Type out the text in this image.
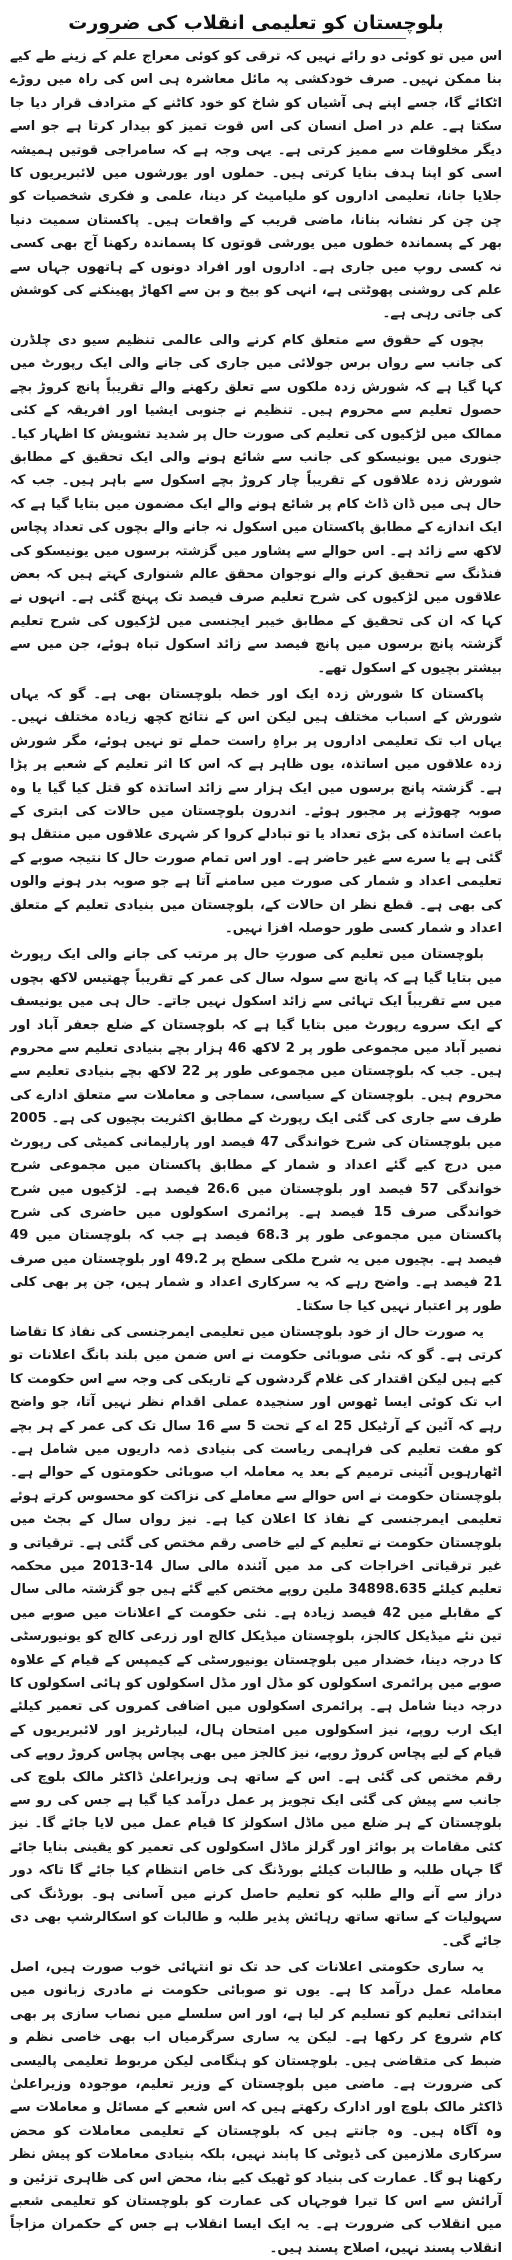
بلوچستان کو تعلیمی انقلاب کی ضرورت

اس میں تو کوئی دو رائے نہیں کہ ترقی کو کوئی معراج علم کے زینے طے کیے بنا ممکن نہیں۔ صرف خودکشی پہ مائل معاشرہ ہی اس کی راہ میں روڑے اٹکائے گا، جسے اپنے ہی آشیاں کو شاخ کو خود کاٹنے کے مترادف قرار دیا جا سکتا ہے۔ علم در اصل انسان کی اس قوت تمیز کو بیدار کرتا ہے جو اسے دیگر مخلوقات سے ممیز کرتی ہے۔ یہی وجہ ہے کہ سامراجی قوتیں ہمیشہ اسی کو اپنا ہدف بنایا کرتی ہیں۔ حملوں اور یورشوں میں لائبریریوں کا جلایا جانا، تعلیمی اداروں کو ملیامیٹ کر دینا، علمی و فکری شخصیات کو چن چن کر نشانہ بنانا، ماضی قریب کے واقعات ہیں۔ پاکستان سمیت دنیا بھر کے پسماندہ خطوں میں یورشی قوتوں کا پسماندہ رکھنا آج بھی کسی نہ کسی روپ میں جاری ہے۔ اداروں اور افراد دونوں کے ہاتھوں جہاں سے علم کی روشنی پھوٹتی ہے، انہی کو بیخ و بن سے اکھاڑ پھینکنے کی کوشش کی جاتی رہی ہے۔

بچوں کے حقوق سے متعلق کام کرنے والی عالمی تنظیم سیو دی چلڈرن کی جانب سے رواں برس جولائی میں جاری کی جانے والی ایک رپورٹ میں کہا گیا ہے کہ شورش زدہ ملکوں سے تعلق رکھنے والے تقریباً پانچ کروڑ بچے حصول تعلیم سے محروم ہیں۔ تنظیم نے جنوبی ایشیا اور افریقہ کے کئی ممالک میں لڑکیوں کی تعلیم کی صورت حال پر شدید تشویش کا اظہار کیا۔ جنوری میں یونیسکو کی جانب سے شائع ہونے والی ایک تحقیق کے مطابق شورش زدہ علاقوں کے تقریباً چار کروڑ بچے اسکول سے باہر ہیں۔ جب کہ حال ہی میں ڈان ڈاٹ کام پر شائع ہونے والے ایک مضمون میں بتایا گیا ہے کہ ایک اندازے کے مطابق پاکستان میں اسکول نہ جانے والے بچوں کی تعداد پچاس لاکھ سے زائد ہے۔ اس حوالے سے پشاور میں گزشتہ برسوں میں یونیسکو کی فنڈنگ سے تحقیق کرنے والے نوجوان محقق عالم شنواری کہتے ہیں کہ بعض علاقوں میں لڑکیوں کی شرح تعلیم صرف فیصد تک پہنچ گئی ہے۔ انہوں نے کہا کہ ان کی تحقیق کے مطابق خیبر ایجنسی میں لڑکیوں کی شرح تعلیم گزشتہ پانچ برسوں میں پانچ فیصد سے زائد اسکول تباہ ہوئے، جن میں سے بیشتر بچیوں کے اسکول تھے۔

پاکستان کا شورش زدہ ایک اور خطہ بلوچستان بھی ہے۔ گو کہ یہاں شورش کے اسباب مختلف ہیں لیکن اس کے نتائج کچھ زیادہ مختلف نہیں۔ یہاں اب تک تعلیمی اداروں پر براہِ راست حملے تو نہیں ہوئے، مگر شورش زدہ علاقوں میں اساتذہ، یوں ظاہر ہے کہ اس کا اثر تعلیم کے شعبے پر پڑا ہے۔ گزشتہ پانچ برسوں میں ایک ہزار سے زائد اساتذہ کو قتل کیا گیا یا وہ صوبہ چھوڑنے پر مجبور ہوئے۔ اندرون بلوچستان میں حالات کی ابتری کے باعث اساتذہ کی بڑی تعداد یا تو تبادلے کروا کر شہری علاقوں میں منتقل ہو گئی ہے یا سرے سے غیر حاضر ہے۔ اور اس تمام صورت حال کا نتیجہ صوبے کے تعلیمی اعداد و شمار کی صورت میں سامنے آتا ہے جو صوبہ بدر ہونے والوں کی بھی ہے۔ قطع نظر ان حالات کے، بلوچستان میں بنیادی تعلیم کے متعلق اعداد و شمار کسی طور حوصلہ افزا نہیں۔

بلوچستان میں تعلیم کی صورتِ حال پر مرتب کی جانے والی ایک رپورٹ میں بتایا گیا ہے کہ پانچ سے سولہ سال کی عمر کے تقریباً چھتیس لاکھ بچوں میں سے تقریباً ایک تہائی سے زائد اسکول نہیں جاتے۔ حال ہی میں یونیسف کے ایک سروے رپورٹ میں بتایا گیا ہے کہ بلوچستان کے ضلع جعفر آباد اور نصیر آباد میں مجموعی طور پر 2 لاکھ 46 ہزار بچے بنیادی تعلیم سے محروم ہیں۔ جب کہ بلوچستان میں مجموعی طور پر 22 لاکھ بچے بنیادی تعلیم سے محروم ہیں۔ بلوچستان کے سیاسی، سماجی و معاملات سے متعلق ادارے کی طرف سے جاری کی گئی ایک رپورٹ کے مطابق اکثریت بچیوں کی ہے۔ 2005 میں بلوچستان کی شرح خواندگی 47 فیصد اور پارلیمانی کمیٹی کی رپورٹ میں درج کیے گئے اعداد و شمار کے مطابق پاکستان میں مجموعی شرح خواندگی 57 فیصد اور بلوچستان میں 26.6 فیصد ہے۔ لڑکیوں میں شرح خواندگی صرف 15 فیصد ہے۔ پرائمری اسکولوں میں حاضری کی شرح پاکستان میں مجموعی طور پر 68.3 فیصد ہے جب کہ بلوچستان میں 49 فیصد ہے۔ بچیوں میں یہ شرح ملکی سطح پر 49.2 اور بلوچستان میں صرف 21 فیصد ہے۔ واضح رہے کہ یہ سرکاری اعداد و شمار ہیں، جن پر بھی کلی طور پر اعتبار نہیں کیا جا سکتا۔

یہ صورت حال از خود بلوچستان میں تعلیمی ایمرجنسی کی نفاذ کا تقاضا کرتی ہے۔ گو کہ نئی صوبائی حکومت نے اس ضمن میں بلند بانگ اعلانات تو کیے ہیں لیکن اقتدار کی غلام گردشوں کے تاریکی کی وجہ سے اس حکومت کا اب تک کوئی ایسا ٹھوس اور سنجیدہ عملی اقدام نظر نہیں آتا، جو واضح رہے کہ آئین کے آرٹیکل 25 اے کے تحت 5 سے 16 سال تک کی عمر کے ہر بچے کو مفت تعلیم کی فراہمی ریاست کی بنیادی ذمہ داریوں میں شامل ہے۔ اٹھارہویں آئینی ترمیم کے بعد یہ معاملہ اب صوبائی حکومتوں کے حوالے ہے۔ بلوچستان حکومت نے اس حوالے سے معاملے کی نزاکت کو محسوس کرتے ہوئے تعلیمی ایمرجنسی کے نفاذ کا اعلان کیا ہے۔ نیز رواں سال کے بجٹ میں بلوچستان حکومت نے تعلیم کے لیے خاصی رقم مختص کی گئی ہے۔ ترقیاتی و غیر ترقیاتی اخراجات کی مد میں آئندہ مالی سال 14-2013 میں محکمہ تعلیم کیلئے 34898.635 ملین روپے مختص کیے گئے ہیں جو گزشتہ مالی سال کے مقابلے میں 42 فیصد زیادہ ہے۔ نئی حکومت کے اعلانات میں صوبے میں تین نئے میڈیکل کالجز، بلوچستان میڈیکل کالج اور زرعی کالج کو یونیورسٹی کا درجہ دینا، خضدار میں بلوچستان یونیورسٹی کے کیمپس کے قیام کے علاوہ صوبے میں پرائمری اسکولوں کو مڈل اور مڈل اسکولوں کو ہائی اسکولوں کا درجہ دینا شامل ہے۔ پرائمری اسکولوں میں اضافی کمروں کی تعمیر کیلئے ایک ارب روپے، نیز اسکولوں میں امتحان ہال، لیبارٹریز اور لائبریریوں کے قیام کے لیے پچاس کروڑ روپے، نیز کالجز میں بھی پچاس پچاس کروڑ روپے کی رقم مختص کی گئی ہے۔ اس کے ساتھ ہی وزیراعلیٰ ڈاکٹر مالک بلوچ کی جانب سے پیش کی گئی ایک تجویز پر عمل درآمد کیا گیا ہے جس کی رو سے بلوچستان کے ہر ضلع میں ماڈل اسکولز کا قیام عمل میں لایا جائے گا۔ نیز کئی مقامات پر بوائز اور گرلز ماڈل اسکولوں کی تعمیر کو یقینی بنایا جائے گا جہاں طلبہ و طالبات کیلئے بورڈنگ کی خاص انتظام کیا جائے گا تاکہ دور دراز سے آنے والے طلبہ کو تعلیم حاصل کرنے میں آسانی ہو۔ بورڈنگ کی سہولیات کے ساتھ ساتھ رہائش پذیر طلبہ و طالبات کو اسکالرشپ بھی دی جائے گی۔

یہ ساری حکومتی اعلانات کی حد تک تو انتہائی خوب صورت ہیں، اصل معاملہ عمل درآمد کا ہے۔ یوں تو صوبائی حکومت نے مادری زبانوں میں ابتدائی تعلیم کو تسلیم کر لیا ہے، اور اس سلسلے میں نصاب سازی پر بھی کام شروع کر رکھا ہے۔ لیکن یہ ساری سرگرمیاں اب بھی خاصی نظم و ضبط کی متقاضی ہیں۔ بلوچستان کو ہنگامی لیکن مربوط تعلیمی پالیسی کی ضرورت ہے۔ ماضی میں بلوچستان کے وزیر تعلیم، موجودہ وزیراعلیٰ ڈاکٹر مالک بلوچ اور ادارک رکھتے ہیں کہ اس شعبے کے مسائل و معاملات سے وہ آگاہ ہیں۔ وہ جانتے ہیں کہ بلوچستان کے تعلیمی معاملات کو محض سرکاری ملازمین کی ڈیوٹی کا پابند نہیں، بلکہ بنیادی معاملات کو پیش نظر رکھنا ہو گا۔ عمارت کی بنیاد کو ٹھیک کیے بنا، محض اس کی ظاہری تزئین و آرائش سے اس کا تیرا فوجہاں کی عمارت کو بلوچستان کو تعلیمی شعبے میں انقلاب کی ضرورت ہے۔ یہ ایک ایسا انقلاب ہے جس کے حکمران مزاجاً انقلاب پسند نہیں، اصلاح پسند ہیں۔
